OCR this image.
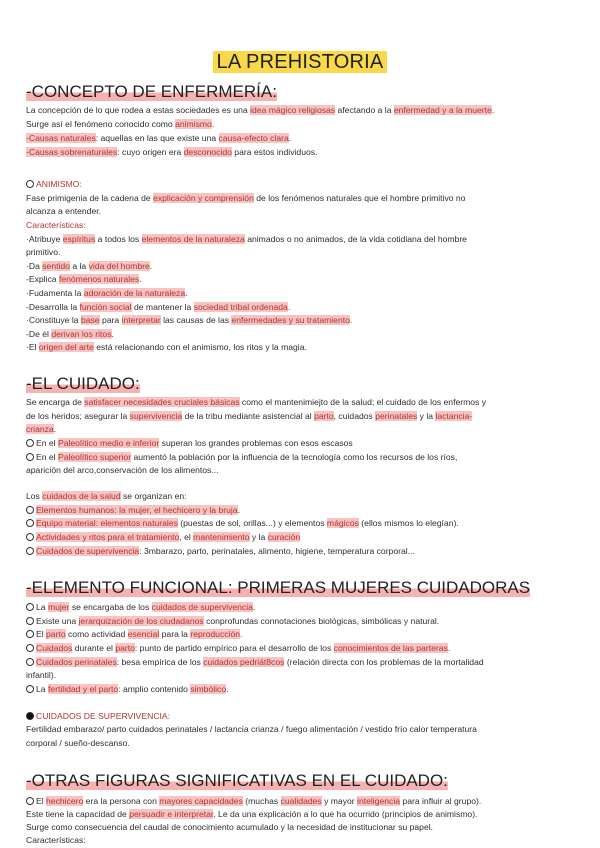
LA PREHISTORIA
-CONCEPTO DE ENFERMERÍA:
La concepción de lo que rodea a estas sociedades es una idea mágico religiosas afectando a la enfermedad y a la muerte.
Surge así el fenómeno conocido como animismo.
-Causas naturales: aquellas en las que existe una causa-efecto clara.
-Causas sobrenaturales: cuyo origen era desconocido para estos individuos.
ANIMISMO:
Fase primigenia de la cadena de explicación y comprensión de los fenómenos naturales que el hombre primitivo no
alcanza a entender.
Características:
·Atribuye espíritus a todos los elementos de la naturaleza animados o no animados, de la vida cotidiana del hombre
primitivo.
·Da sentido a la vida del hombre.
-Explica fenómenos naturales.
·Fudamenta la adoración de la naturaleza.
-Desarrolla la función social de mantener la sociedad tribal ordenada.
·Constituye la base para interpretar las causas de las enfermedades y su tratamiento.
-De él derivan los ritos.
·El origen del arte está relacionando con el animismo, los ritos y la magia.
-EL CUIDADO:
Se encarga de satisfacer necesidades cruciales básicas como el mantenimiejto de la salud; el cuidado de los enfermos y
de los heridos; asegurar la supervivencia de la tribu mediante asistencial al parto, cuidados perinatales y la lactancia-
crianza.
En el Paleolítico medio e inferior superan los grandes problemas con esos escasos
En el Paleolítico superior aumentó la población por la influencia de la tecnología como los recursos de los ríos,
aparición del arco,conservación de los alimentos...
Los cuidados de la salud se organizan en:
Elementos humanos: la mujer, el hechicero y la bruja.
Equipo material: elementos naturales (puestas de sol, orillas...) y elementos mágicos (ellos mismos lo elegían).
Actividades y ritos para el tratamiento, el mantenimiento y la curación
Cuidados de supervivencia: 3mbarazo, parto, perinatales, alimento, higiene, temperatura corporal...
-ELEMENTO FUNCIONAL: PRIMERAS MUJERES CUIDADORAS
La mujer se encargaba de los cuidados de supervivencia.
Existe una jerarquización de los ciudadanos conprofundas connotaciones biológicas, simbólicas y natural.
El parto como actividad esencial para la reproducción.
Cuidados durante el parto: punto de partido empírico para el desarrollo de los conocimientos de las parteras.
Cuidados perinatales: besa empírica de los cuidados pedriát8cos (relación directa con los problemas de la mortalidad
infantil).
La fertilidad y el parto: amplio contenido simbólico.
CUIDADOS DE SUPERVIVENCIA:
Fertilidad embarazo/ parto cuidados perinatales / lactancia crianza / fuego alimentación / vestido frío calor temperatura
corporal / sueño-descanso.
-OTRAS FIGURAS SIGNIFICATIVAS EN EL CUIDADO:
El hechicero era la persona con mayores capacidades (muchas cualidades y mayor inteligencia para influir al grupo).
Este tiene la capacidad de persuadir e interpretar. Le da una explicación a lo que ha ocurrido (principios de animismo).
Surge como consecuencia del caudal de conocimiento acumulado y la necesidad de institucionar su papel.
Características:
